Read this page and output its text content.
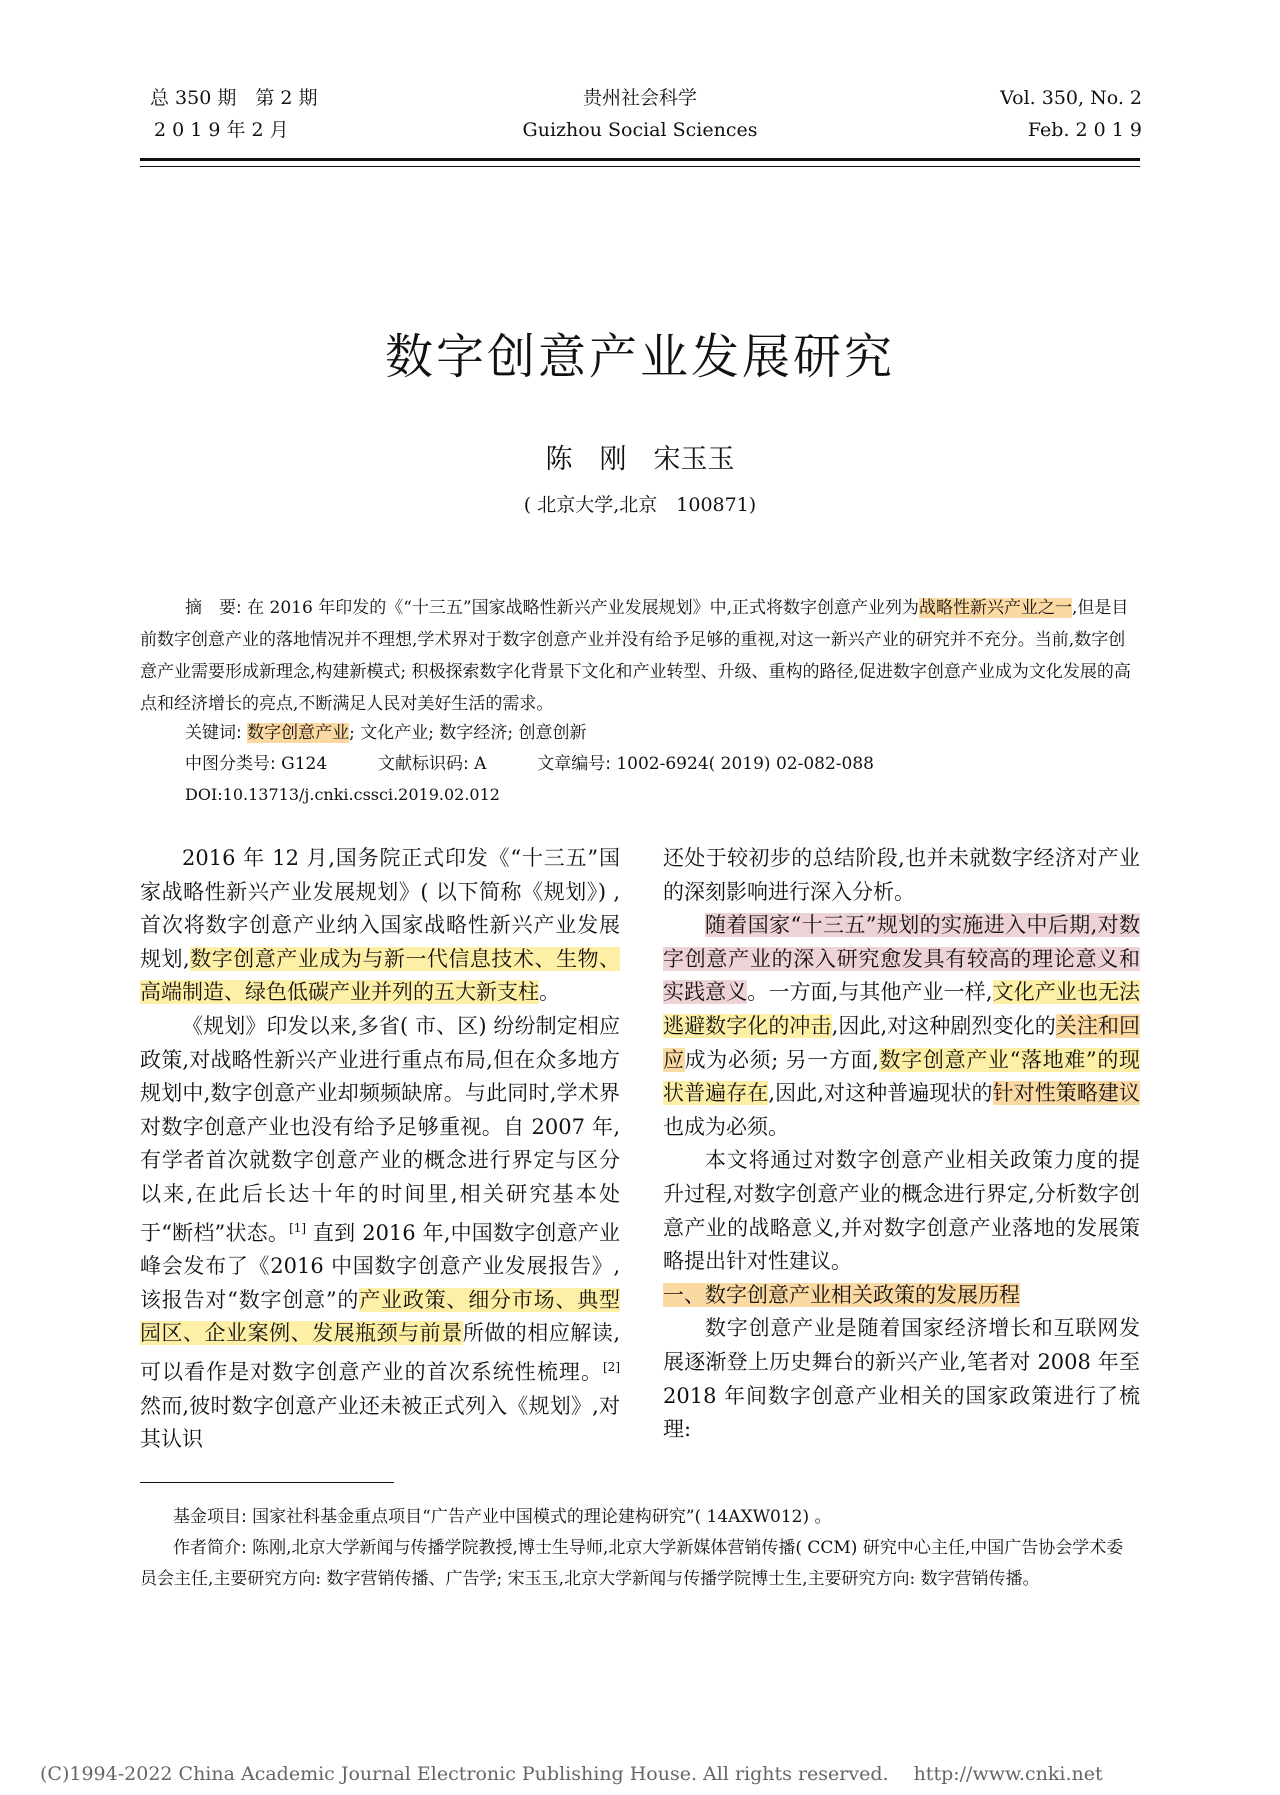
总 350 期　第 2 期
2 0 1 9 年 2 月
贵州社会科学
Guizhou Social Sciences
Vol. 350, No. 2
Feb. 2 0 1 9
数字创意产业发展研究
陈　刚　宋玉玉
( 北京大学,北京　100871)
摘　要: 在 2016 年印发的《“十三五”国家战略性新兴产业发展规划》中,正式将数字创意产业列为战略性新兴产业之一,但是目前数字创意产业的落地情况并不理想,学术界对于数字创意产业并没有给予足够的重视,对这一新兴产业的研究并不充分。当前,数字创意产业需要形成新理念,构建新模式; 积极探索数字化背景下文化和产业转型、升级、重构的路径,促进数字创意产业成为文化发展的高点和经济增长的亮点,不断满足人民对美好生活的需求。
关键词: 数字创意产业; 文化产业; 数字经济; 创意创新
中图分类号: G124	文献标识码: A	文章编号: 1002-6924( 2019) 02-082-088
DOI:10.13713/j.cnki.cssci.2019.02.012

2016 年 12 月,国务院正式印发《“十三五”国家战略性新兴产业发展规划》( 以下简称《规划》) ,首次将数字创意产业纳入国家战略性新兴产业发展规划,数字创意产业成为与新一代信息技术、生物、高端制造、绿色低碳产业并列的五大新支柱。

《规划》印发以来,多省( 市、区) 纷纷制定相应政策,对战略性新兴产业进行重点布局,但在众多地方规划中,数字创意产业却频频缺席。与此同时,学术界对数字创意产业也没有给予足够重视。自 2007 年,有学者首次就数字创意产业的概念进行界定与区分以来,在此后长达十年的时间里,相关研究基本处于“断档”状态。[1] 直到 2016 年,中国数字创意产业峰会发布了《2016 中国数字创意产业发展报告》,该报告对“数字创意”的产业政策、细分市场、典型园区、企业案例、发展瓶颈与前景所做的相应解读,可以看作是对数字创意产业的首次系统性梳理。[2] 然而,彼时数字创意产业还未被正式列入《规划》,对其认识

还处于较初步的总结阶段,也并未就数字经济对产业的深刻影响进行深入分析。

随着国家“十三五”规划的实施进入中后期,对数字创意产业的深入研究愈发具有较高的理论意义和实践意义。一方面,与其他产业一样,文化产业也无法逃避数字化的冲击,因此,对这种剧烈变化的关注和回应成为必须; 另一方面,数字创意产业“落地难”的现状普遍存在,因此,对这种普遍现状的针对性策略建议也成为必须。

本文将通过对数字创意产业相关政策力度的提升过程,对数字创意产业的概念进行界定,分析数字创意产业的战略意义,并对数字创意产业落地的发展策略提出针对性建议。

一、数字创意产业相关政策的发展历程

数字创意产业是随着国家经济增长和互联网发展逐渐登上历史舞台的新兴产业,笔者对 2008 年至 2018 年间数字创意产业相关的国家政策进行了梳理:

基金项目: 国家社科基金重点项目“广告产业中国模式的理论建构研究”( 14AXW012) 。

作者简介: 陈刚,北京大学新闻与传播学院教授,博士生导师,北京大学新媒体营销传播( CCM) 研究中心主任,中国广告协会学术委员会主任,主要研究方向: 数字营销传播、广告学; 宋玉玉,北京大学新闻与传播学院博士生,主要研究方向: 数字营销传播。

(C)1994-2022 China Academic Journal Electronic Publishing House. All rights reserved.　 http://www.cnki.net
